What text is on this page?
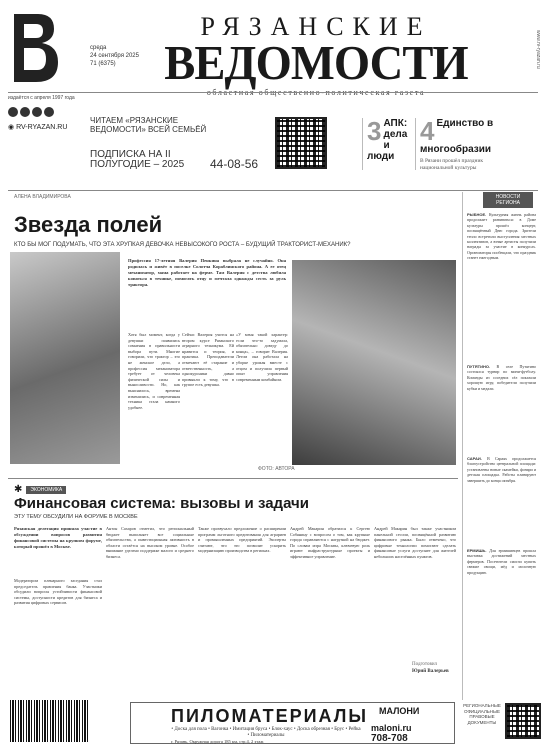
среда
24 сентября 2025
71 (6375)
РЯЗАНСКИЕ
ВЕДОМОСТИ
областная общественно-политическая газета
www.rv-ryazan.ru
издаётся с апреля 1997 года
◉ RV-RYAZAN.RU
ЧИТАЕМ «РЯЗАНСКИЕ ВЕДОМОСТИ» ВСЕЙ СЕМЬЁЙ
ПОДПИСКА НА II ПОЛУГОДИЕ – 2025	44-08-56
3 АПК: дела и люди
4 Единство в многообразии
В Рязани прошёл праздник национальной культуры
АЛЕНА ВЛАДИМИРОВА
Звезда полей
КТО БЫ МОГ ПОДУМАТЬ, ЧТО ЭТА ХРУПКАЯ ДЕВОЧКА НЕВЫСОКОГО РОСТА – БУДУЩИЙ ТРАКТОРИСТ-МЕХАНИК?
Профессия 17-летняя Валерия Пенкина выбрала не случайно. Она родилась и живёт в поселке Солотча Кораблинского района. А ее отец механизатор, мама работает на ферме. Там Валерия с детства любила копаться в технике, помогать отцу и мечтала однажды сесть за руль трактора.
Хотя был момент, когда у девушки появились сомнения в правильности выбора пути. Многие говорили, что трактор – это не женское дело, а профессия механизатора требует от человека физической силы и выносливости. Но, как выяснилось, времена изменились, и современная техника стала намного удобнее.
Сейчас Валерия учится на втором курсе Рязанского аграрного техникума. Ей нравится и теория, и практика. Преподаватели отмечают её старание и ответственность, а однокурсники давно привыкли к тому, что в группе есть девушка.
«У меня такой характер: если что-то задумала, обязательно доведу до конца», – говорит Валерия. Летом она работала на уборке урожая вместе с отцом и получила первый опыт управления современным комбайном.
ФОТО: АВТОРА
✱	ЭКОНОМИКА
Финансовая система: вызовы и задачи
ЭТУ ТЕМУ ОБСУДИЛИ НА ФОРУМЕ В МОСКВЕ
Рязанская делегация приняла участие в обсуждении вопросов развития финансовой системы на крупном форуме, который прошёл в Москве.
Модератором пленарного заседания стал председатель правления банка. Участники обсудили вопросы устойчивости финансовой системы, доступности кредитов для бизнеса и развития цифровых сервисов.
Антон Сахаров отметил, что региональный бюджет выполняет все социальные обязательства, а инвестиционная активность в области остаётся на высоком уровне. Особое внимание уделено поддержке малого и среднего бизнеса.
Также прозвучало предложение о расширении программ льготного кредитования для аграриев и промышленных предприятий. Эксперты считают, что это позволит ускорить модернизацию производства в регионах.
Андрей Макарин обратился к Сергею Собянину с вопросом о том, как крупные города справляются с нагрузкой на бюджет. По словам мэра Москвы, ключевую роль играют инфраструктурные проекты и эффективное управление.
Андрей Макарин был также участником панельной сессии, посвящённой развитию финансового рынка. Было отмечено, что цифровые технологии помогают сделать финансовые услуги доступнее для жителей небольших населённых пунктов.
Подготовил
Юрий Валерьев
НОВОСТИ РЕГИОНА
РЫБНОЕ. Культурная жизнь района продолжает развиваться: в Доме культуры прошёл концерт, посвящённый Дню города. Зрители тепло встретили выступления местных коллективов, а юные артисты получили награды за участие в конкурсах. Организаторы пообещали, что праздник станет ежегодным.
ПУТЯТИНО. В селе Путятино состоялся турнир по мини-футболу. Команды из соседних сёл показали хорошую игру, победители получили кубки и медали.
САРАИ. В Сараях продолжается благоустройство центральной площади: установлены новые скамейки, фонари и детская площадка. Работы планируют завершить до конца октября.
ЕРМИШЬ. Для ермишинцев прошла выставка достижений местных фермеров. Посетители смогли купить свежие овощи, мёд и молочную продукцию.
ПИЛОМАТЕРИАЛЫ
• Доска для пола • Вагонка • Имитация бруса • Блок-хаус • Доска обрезная • Брус • Рейка • Пиломатериалы
г. Рязань, Окружная дорога 185 км, стр.4, 2 этаж
МАЛОНИ
maloni.ru
708-708
РЕГИОНАЛЬНЫЕ ОФИЦИАЛЬНЫЕ ПРАВОВЫЕ ДОКУМЕНТЫ
